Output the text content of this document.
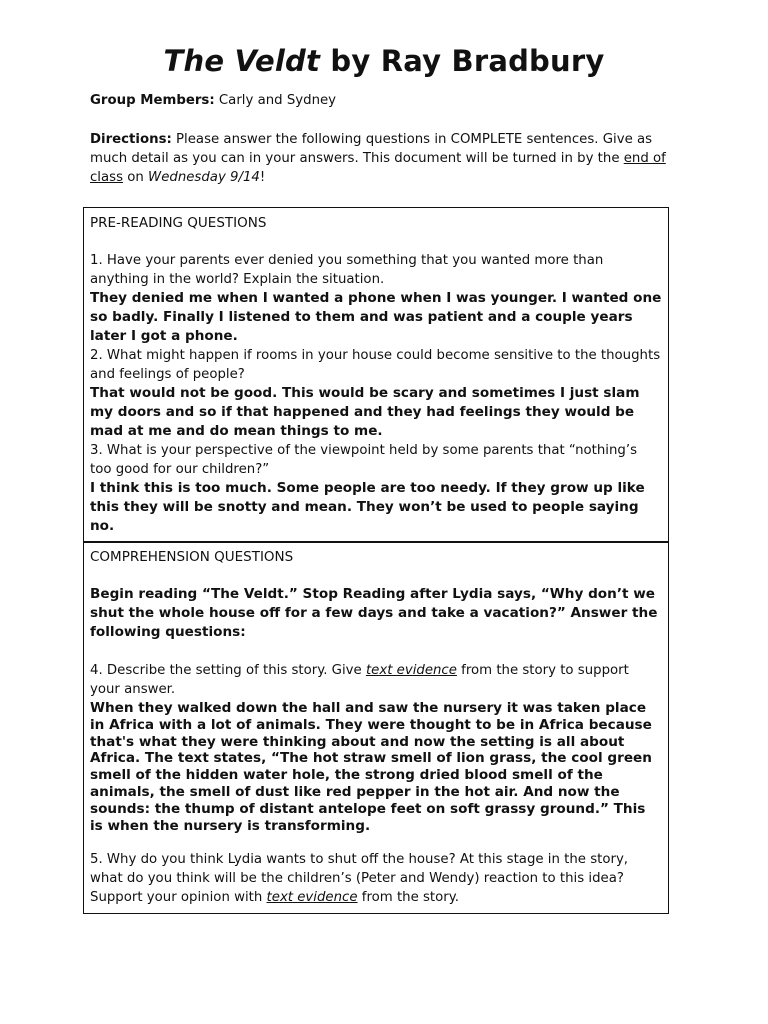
The Veldt by Ray Bradbury
Group Members: Carly and Sydney
Directions: Please answer the following questions in COMPLETE sentences. Give as much detail as you can in your answers. This document will be turned in by the end of class on Wednesday 9/14!
PRE-READING QUESTIONS
1. Have your parents ever denied you something that you wanted more than anything in the world? Explain the situation.
They denied me when I wanted a phone when I was younger. I wanted one so badly. Finally I listened to them and was patient and a couple years later I got a phone.
2. What might happen if rooms in your house could become sensitive to the thoughts and feelings of people?
That would not be good. This would be scary and sometimes I just slam my doors and so if that happened and they had feelings they would be mad at me and do mean things to me.
3. What is your perspective of the viewpoint held by some parents that “nothing’s too good for our children?”
I think this is too much. Some people are too needy. If they grow up like this they will be snotty and mean. They won’t be used to people saying no.
COMPREHENSION QUESTIONS
Begin reading “The Veldt.” Stop Reading after Lydia says, “Why don’t we shut the whole house off for a few days and take a vacation?” Answer the following questions:
4. Describe the setting of this story. Give text evidence from the story to support your answer.
When they walked down the hall and saw the nursery it was taken place in Africa with a lot of animals. They were thought to be in Africa because that's what they were thinking about and now the setting is all about Africa. The text states, “The hot straw smell of lion grass, the cool green smell of the hidden water hole, the strong dried blood smell of the animals, the smell of dust like red pepper in the hot air. And now the sounds: the thump of distant antelope feet on soft grassy ground.” This is when the nursery is transforming.
5. Why do you think Lydia wants to shut off the house? At this stage in the story, what do you think will be the children’s (Peter and Wendy) reaction to this idea? Support your opinion with text evidence from the story.
